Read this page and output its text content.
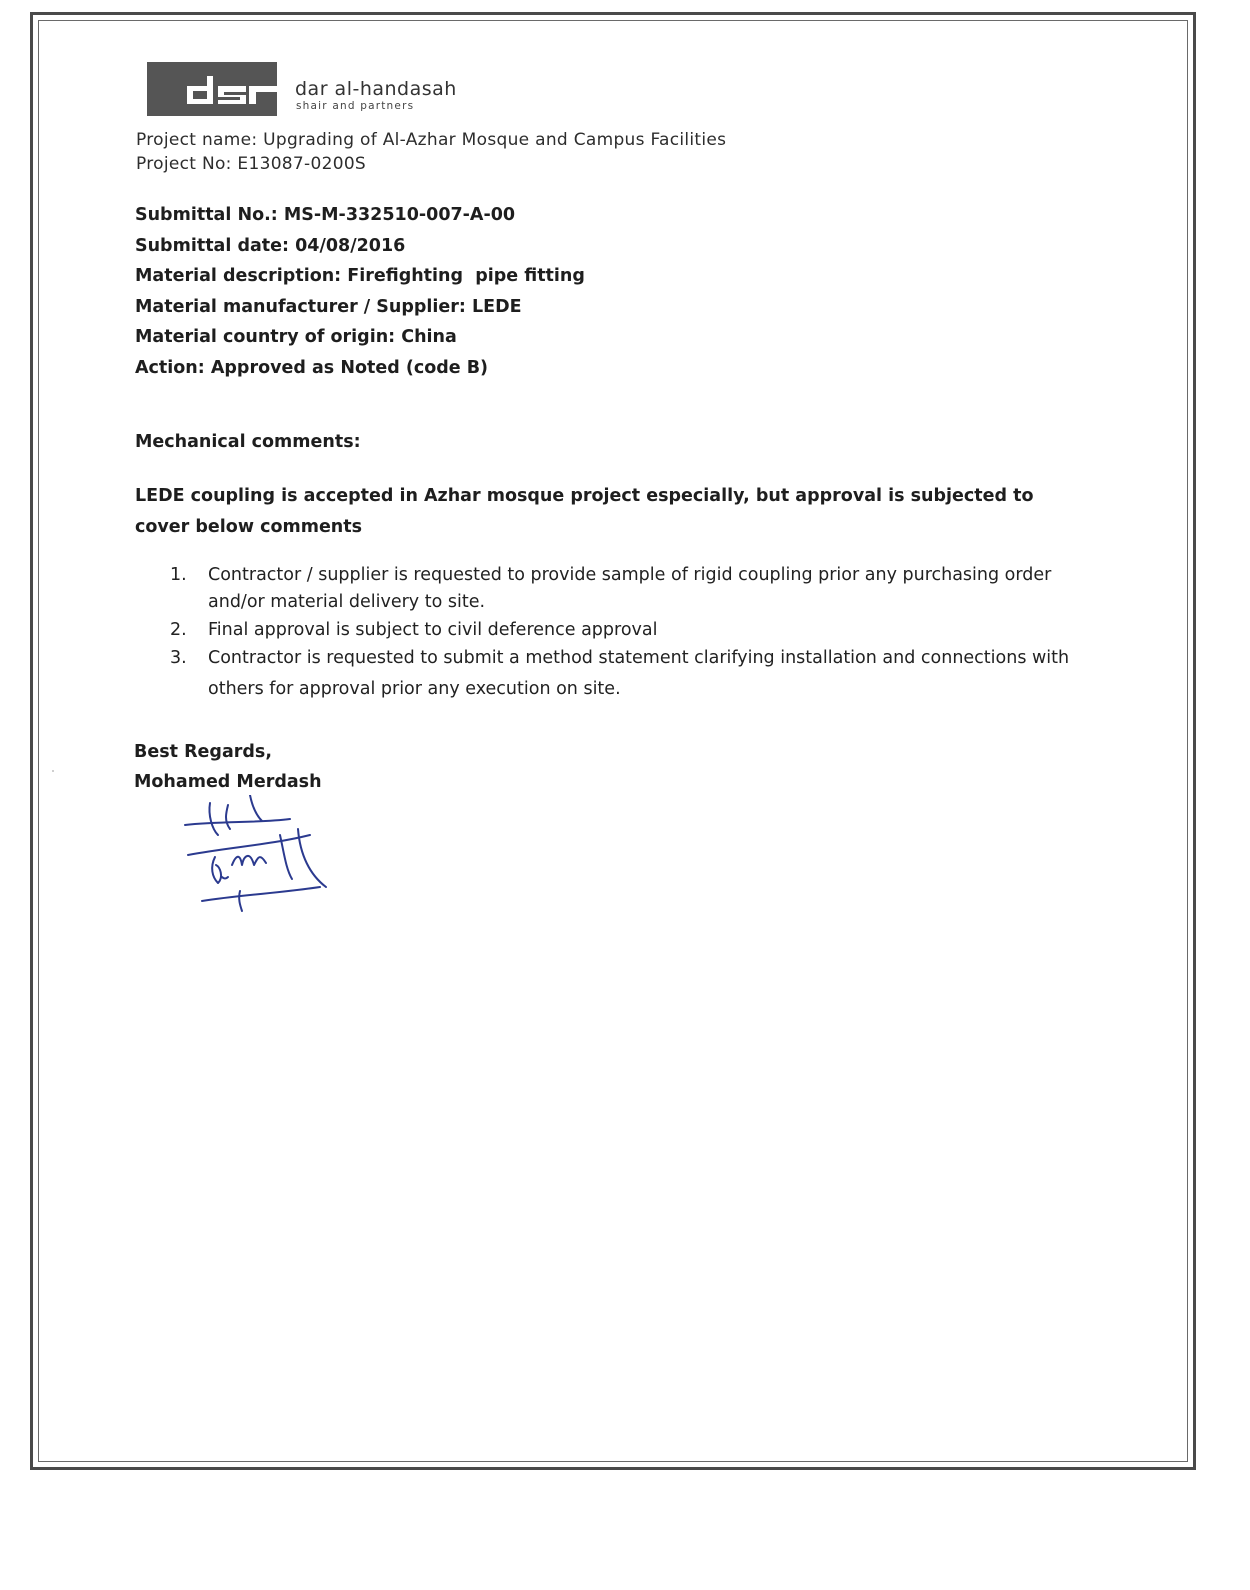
dar al-handasah
shair and partners
Project name: Upgrading of Al-Azhar Mosque and Campus Facilities
Project No: E13087-0200S
Submittal No.: MS-M-332510-007-A-00
Submittal date: 04/08/2016
Material description: Firefighting  pipe fitting
Material manufacturer / Supplier: LEDE
Material country of origin: China
Action: Approved as Noted (code B)
Mechanical comments:
LEDE coupling is accepted in Azhar mosque project especially, but approval is subjected to cover below comments
1. Contractor / supplier is requested to provide sample of rigid coupling prior any purchasing order and/or material delivery to site.
2. Final approval is subject to civil deference approval
3. Contractor is requested to submit a method statement clarifying installation and connections with others for approval prior any execution on site.
Best Regards,
Mohamed Merdash
